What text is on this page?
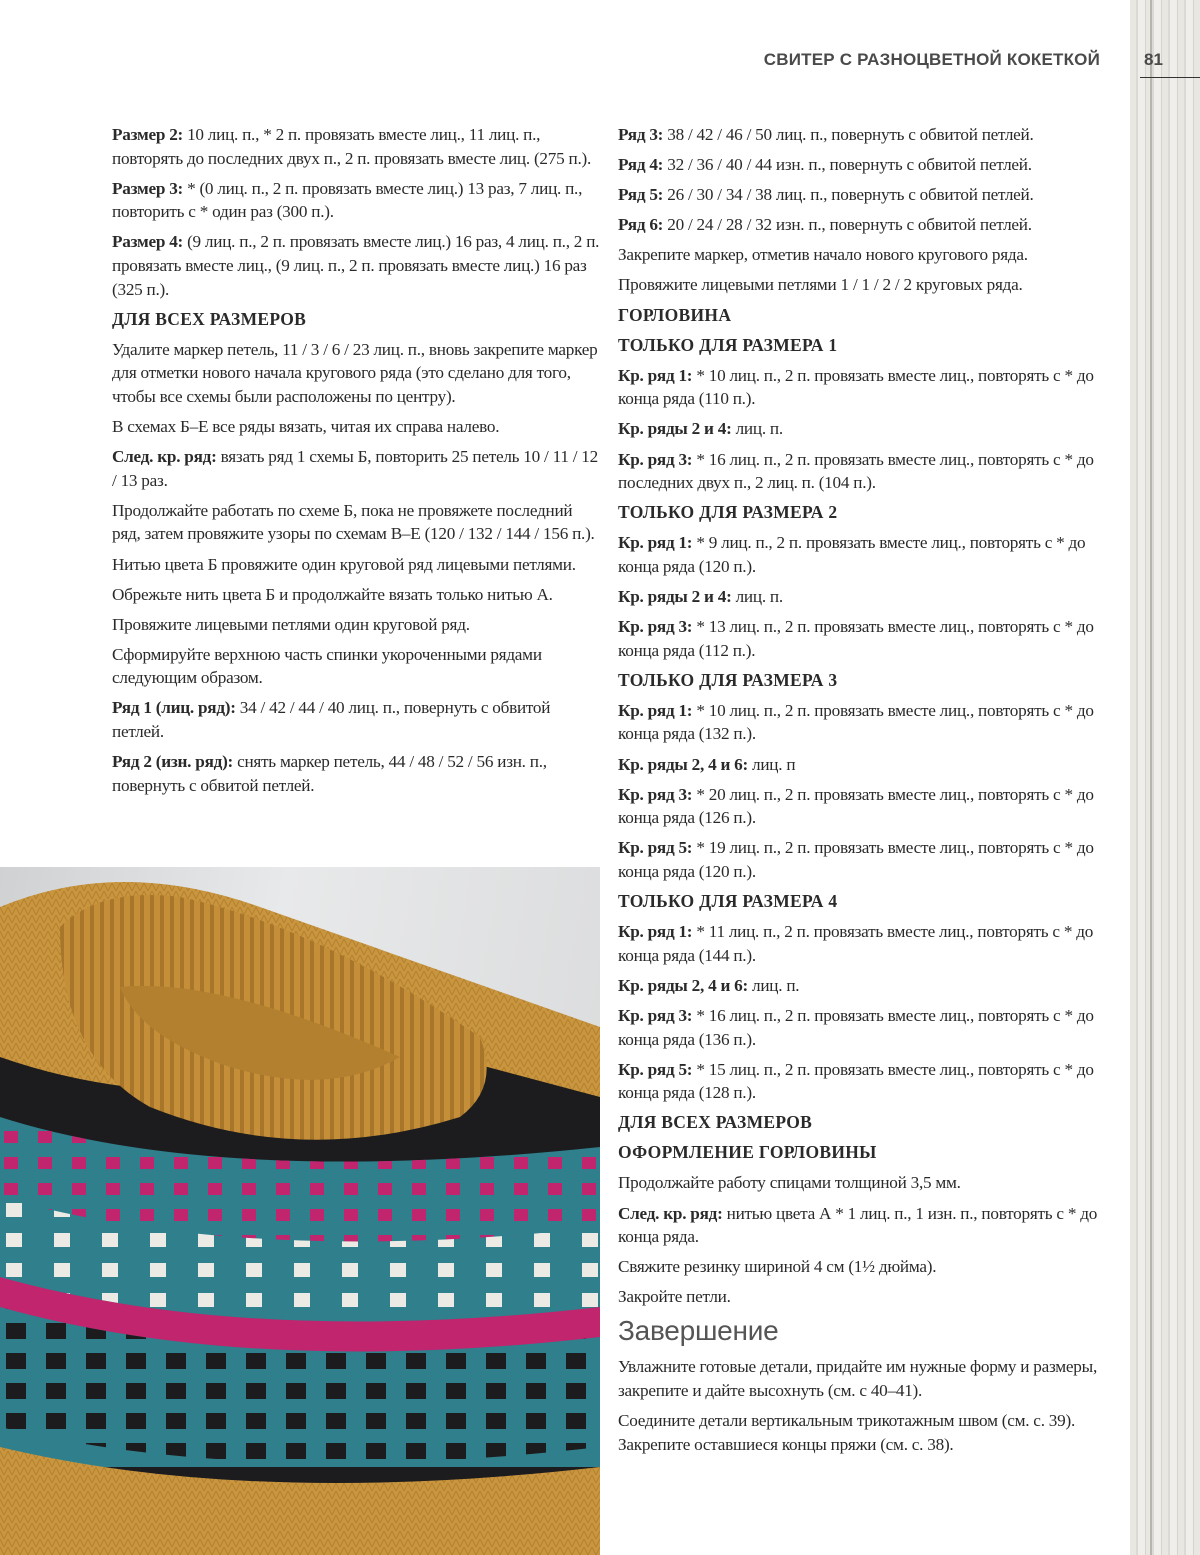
СВИТЕР С РАЗНОЦВЕТНОЙ КОКЕТКОЙ	81
Размер 2: 10 лиц. п., * 2 п. провязать вместе лиц., 11 лиц. п., повторять до последних двух п., 2 п. провязать вместе лиц. (275 п.).
Размер 3: * (0 лиц. п., 2 п. провязать вместе лиц.) 13 раз, 7 лиц. п., повторить с * один раз (300 п.).
Размер 4: (9 лиц. п., 2 п. провязать вместе лиц.) 16 раз, 4 лиц. п., 2 п. провязать вместе лиц., (9 лиц. п., 2 п. провязать вместе лиц.) 16 раз (325 п.).
ДЛЯ ВСЕХ РАЗМЕРОВ
Удалите маркер петель, 11 / 3 / 6 / 23 лиц. п., вновь закрепите маркер для отметки нового начала кругового ряда (это сделано для того, чтобы все схемы были расположены по центру).
В схемах Б–Е все ряды вязать, читая их справа налево.
След. кр. ряд: вязать ряд 1 схемы Б, повторить 25 петель 10 / 11 / 12 / 13 раз.
Продолжайте работать по схеме Б, пока не провяжете последний ряд, затем провяжите узоры по схемам В–Е (120 / 132 / 144 / 156 п.).
Нитью цвета Б провяжите один круговой ряд лицевыми петлями.
Обрежьте нить цвета Б и продолжайте вязать только нитью А.
Провяжите лицевыми петлями один круговой ряд.
Сформируйте верхнюю часть спинки укороченными рядами следующим образом.
Ряд 1 (лиц. ряд): 34 / 42 / 44 / 40 лиц. п., повернуть с обвитой петлей.
Ряд 2 (изн. ряд): снять маркер петель, 44 / 48 / 52 / 56 изн. п., повернуть с обвитой петлей.
Ряд 3: 38 / 42 / 46 / 50 лиц. п., повернуть с обвитой петлей.
Ряд 4: 32 / 36 / 40 / 44 изн. п., повернуть с обвитой петлей.
Ряд 5: 26 / 30 / 34 / 38 лиц. п., повернуть с обвитой петлей.
Ряд 6: 20 / 24 / 28 / 32 изн. п., повернуть с обвитой петлей.
Закрепите маркер, отметив начало нового кругового ряда.
Провяжите лицевыми петлями 1 / 1 / 2 / 2 круговых ряда.
ГОРЛОВИНА
ТОЛЬКО ДЛЯ РАЗМЕРА 1
Кр. ряд 1: * 10 лиц. п., 2 п. провязать вместе лиц., повторять с * до конца ряда (110 п.).
Кр. ряды 2 и 4: лиц. п.
Кр. ряд 3: * 16 лиц. п., 2 п. провязать вместе лиц., повторять с * до последних двух п., 2 лиц. п. (104 п.).
ТОЛЬКО ДЛЯ РАЗМЕРА 2
Кр. ряд 1: * 9 лиц. п., 2 п. провязать вместе лиц., повторять с * до конца ряда (120 п.).
Кр. ряды 2 и 4: лиц. п.
Кр. ряд 3: * 13 лиц. п., 2 п. провязать вместе лиц., повторять с * до конца ряда (112 п.).
ТОЛЬКО ДЛЯ РАЗМЕРА 3
Кр. ряд 1: * 10 лиц. п., 2 п. провязать вместе лиц., повторять с * до конца ряда (132 п.).
Кр. ряды 2, 4 и 6: лиц. п
Кр. ряд 3: * 20 лиц. п., 2 п. провязать вместе лиц., повторять с * до конца ряда (126 п.).
Кр. ряд 5: * 19 лиц. п., 2 п. провязать вместе лиц., повторять с * до конца ряда (120 п.).
ТОЛЬКО ДЛЯ РАЗМЕРА 4
Кр. ряд 1: * 11 лиц. п., 2 п. провязать вместе лиц., повторять с * до конца ряда (144 п.).
Кр. ряды 2, 4 и 6: лиц. п.
Кр. ряд 3: * 16 лиц. п., 2 п. провязать вместе лиц., повторять с * до конца ряда (136 п.).
Кр. ряд 5: * 15 лиц. п., 2 п. провязать вместе лиц., повторять с * до конца ряда (128 п.).
ДЛЯ ВСЕХ РАЗМЕРОВ
ОФОРМЛЕНИЕ ГОРЛОВИНЫ
Продолжайте работу спицами толщиной 3,5 мм.
След. кр. ряд: нитью цвета А * 1 лиц. п., 1 изн. п., повторять с * до конца ряда.
Свяжите резинку шириной 4 см (1½ дюйма).
Закройте петли.
Завершение
Увлажните готовые детали, придайте им нужные форму и размеры, закрепите и дайте высохнуть (см. с 40–41).
Соедините детали вертикальным трикотажным швом (см. с. 39). Закрепите оставшиеся концы пряжи (см. с. 38).
